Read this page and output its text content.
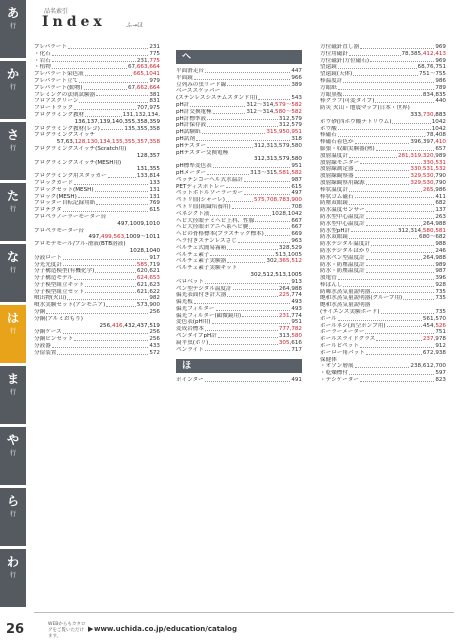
あ
行
か
行
さ
行
た
行
な
行
は
行
ま
行
や
行
ら
行
わ
行
品名索引
Index	ふ→ほ
プレパラート	231
・化石	775
・岩石	231,775
・植物	67,663,664
プレパラート染色液	665,1041
プレパラート立て	979
プレパラート(動物)	67,662,664
フレミングの法則試験器	381
フロアスクリーン	831
フロートラック	707,975
プログラミング教材	131,132,134,
136,137,139,140,355,358,359
プログラミング教材(レゴ)	135,355,358
プログラミングスイッチ
57,63,128,130,134,135,355,357,358
プログラミングスイッチ(Scratch用)
128,357
プログラミングスイッチ(MESH用)
131,355
プログラミング用スタッカー	133,814
ブロックカード	133
ブロックセット(MESH)	131
ブロック(MESH)	131
ブロッター自転記録用紙	769
プロテクタ	615
プロペラノーラーモーター台
497,1009,1010
プロペラモーター台
497,499,563,1009〜1011
プロモデモール/ブル-滑液(BTB溶液)
1028,1040
分液ロート	917
分光光度計	585,719
分子構造模型(有機化学)	620,621
分子構造モデル	624,653
分子模型組立キット	621,623
分子模型組立セット	621,622
噴出物(火山)	982
噴水実験セット(アンモニア)	573,900
分銅	256
分銅(アルミおもり)
256,416,432,437,519
分銅ケース	256
分銅ピンセット	256
分液器	433
分留装置	572
へ
平面滑走台	447
平面鏡	966
豆列みの虫リード線	389
ベーススケッパー
(ステンレスシステムスタンド用)	543
pH計	312〜314,579〜582
pH計交換電極	312〜314,580〜582
pH計標準液	312,579
pH計保存液	312,579
pH試験紙	315,950,951
pH試剤	318
pHテスター	312,313,579,580
pHテスター交換電極
312,313,579,580
pH標準変色表	951
pHメーター	313〜315,581,582
ペッテンコーヘル式水温計	987
PETディスポトレー	615
ペットボトルソーラーカー	497
ペトリ皿(シャーレ)	575,708,783,900
ペトリ皿(組織培養用)	708
ベネジクト液	1028,1042
ヘビ大径眼ナミヘビ上科、性腺	667
ヘビ大径眼ポアニヘ系ヘビ腱	667
ヘビの骨格標本(プラスチック標本)	669
ヘラ付きステンレスさじ	963
ベルチェ式簡易霧箱	328,529
ベルチェ素子	513,1005
ベルチェ素子実験器	302,365,512
ベルチェ素子実験キット
302,512,513,1005
ベロベット	913
ペン型デジタル温度計	264,988
偏光表面付き計大器	225,774
偏光板	493
偏光フィルター	493
偏光フィルター(顕微鏡用)	231,774
変色表(pH用)	951
変成岩標本	777,782
ペンタイプpH計	313,580
扁平虫(ボリ)	305,616
ペンライト	717
ほ
ポインター	491
方位磁針直し器	969
方位用磁針	78,385,412,413
方位磁針(方位磁石)	969
望遠鏡	68,76,751
望遠鏡(天体)	751〜755
棒温度計	986
方眼紙	789
方眼黒板	834,835
棒グラフ(可変タイプ)	440
防災 火山・地震マップ(日本・世界)
333,730,883
ホウ砂(四ホウ酸ナトリウム)	1042
ホウ酸	1042
棒磁石	78,408
棒磁石着色か	396,397,410
膨張・収縮実験器(熱)	657
放射温度計	281,319,320,989
放射線モニター	330,531
放射線測定器	330,531,532
放射線観察器	329,530,790
放射線観察用線源	329,530,790
棒状温度計	265,986
棒状ゴム磁石	411
防塵双眼鏡	682
防水温度センサー	137
防水型中心温度計	263
防水型中心温度計	264,988
防水型pH計	312,314,580,581
防水双眼鏡	680〜682
防水デジタル温度計	988
防水デジタルはかり	246
防水ペン型温度計	264,988
防水・防塵温度計	989
防水・防塵温度計	987
放電管	396
棒ばんし	928
防曝水蒸気量説明器	735
飽和水蒸気量説明器(グループ用)	735
飽和水蒸気量説明器
(サイエンス実験ボード)	735
ボール	561,570
ボールネジ(真空ポンプ用)	454,526
ボーラーメーター	751
ホールスライドグラス	237,978
ホールピペット	912
ホーロー角バット	672,938
保健体
・オゾン層展	238,612,700
・乾燥標付	597
・デシケーター	823
26	WEBからもカタログをご覧いただけます。
▶ www.uchida.co.jp/education/catalog
